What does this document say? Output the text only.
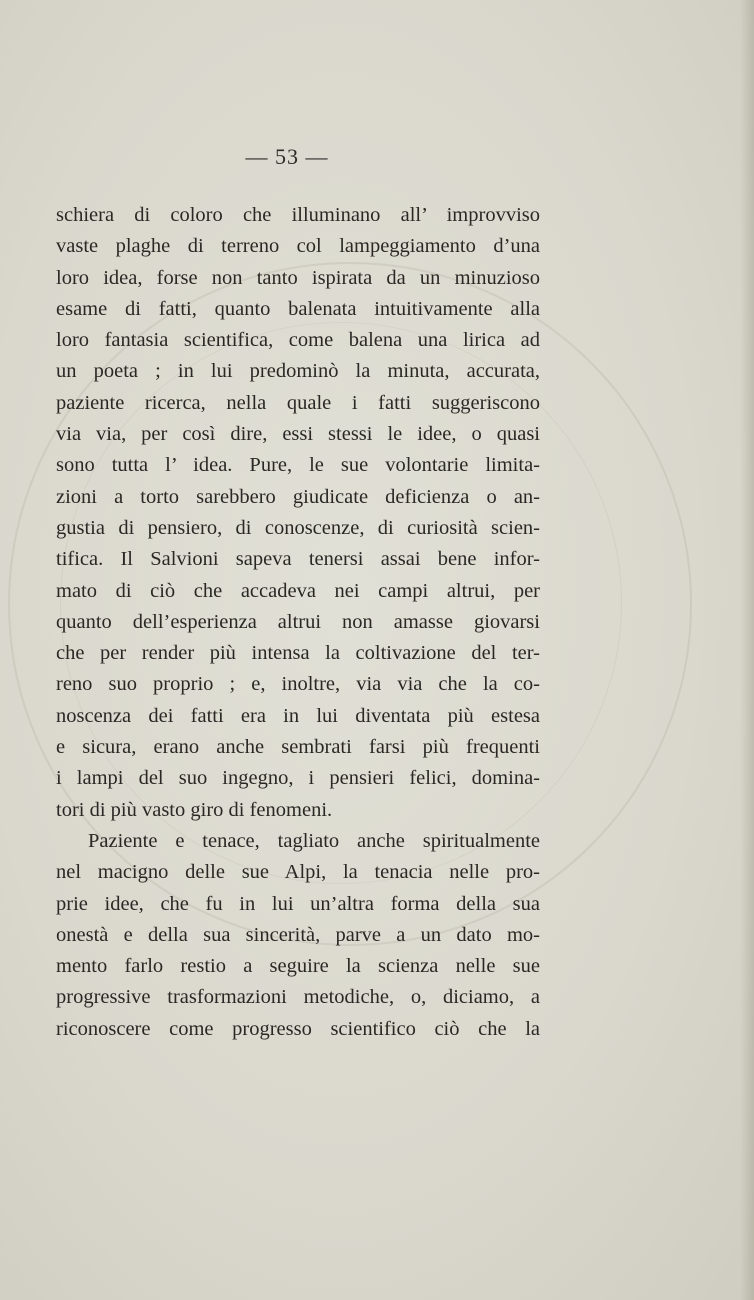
— 53 —
schiera di coloro che illuminano all’ improvviso
vaste plaghe di terreno col lampeggiamento d’una
loro idea, forse non tanto ispirata da un minuzioso
esame di fatti, quanto balenata intuitivamente alla
loro fantasia scientifica, come balena una lirica ad
un poeta ; in lui predominò la minuta, accurata,
paziente ricerca, nella quale i fatti suggeriscono
via via, per così dire, essi stessi le idee, o quasi
sono tutta l’ idea. Pure, le sue volontarie limita-
zioni a torto sarebbero giudicate deficienza o an-
gustia di pensiero, di conoscenze, di curiosità scien-
tifica. Il Salvioni sapeva tenersi assai bene infor-
mato di ciò che accadeva nei campi altrui, per
quanto dell’esperienza altrui non amasse giovarsi
che per render più intensa la coltivazione del ter-
reno suo proprio ; e, inoltre, via via che la co-
noscenza dei fatti era in lui diventata più estesa
e sicura, erano anche sembrati farsi più frequenti
i lampi del suo ingegno, i pensieri felici, domina-
tori di più vasto giro di fenomeni.
Paziente e tenace, tagliato anche spiritualmente
nel macigno delle sue Alpi, la tenacia nelle pro-
prie idee, che fu in lui un’altra forma della sua
onestà e della sua sincerità, parve a un dato mo-
mento farlo restio a seguire la scienza nelle sue
progressive trasformazioni metodiche, o, diciamo, a
riconoscere come progresso scientifico ciò che la
